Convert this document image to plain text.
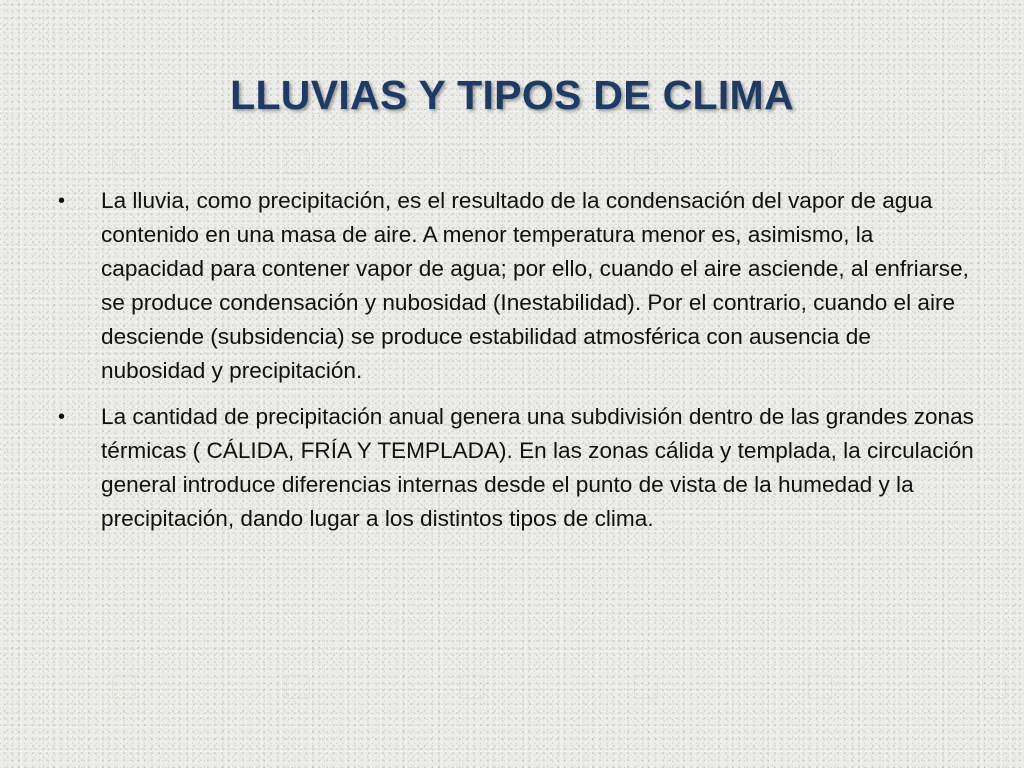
LLUVIAS Y TIPOS DE CLIMA
•	La lluvia, como precipitación, es el resultado de la condensación del vapor de agua contenido en una masa de aire. A menor temperatura menor es, asimismo, la capacidad para contener vapor de agua; por ello, cuando el aire asciende, al enfriarse, se produce condensación y nubosidad (Inestabilidad). Por el contrario, cuando el aire desciende (subsidencia) se produce estabilidad atmosférica con ausencia de nubosidad y precipitación.
•	La cantidad de precipitación anual genera una subdivisión dentro de las grandes zonas térmicas ( CÁLIDA, FRÍA Y TEMPLADA). En las zonas cálida y templada, la circulación general introduce diferencias internas desde el punto de vista de la humedad y la precipitación, dando lugar a los distintos tipos de clima.
